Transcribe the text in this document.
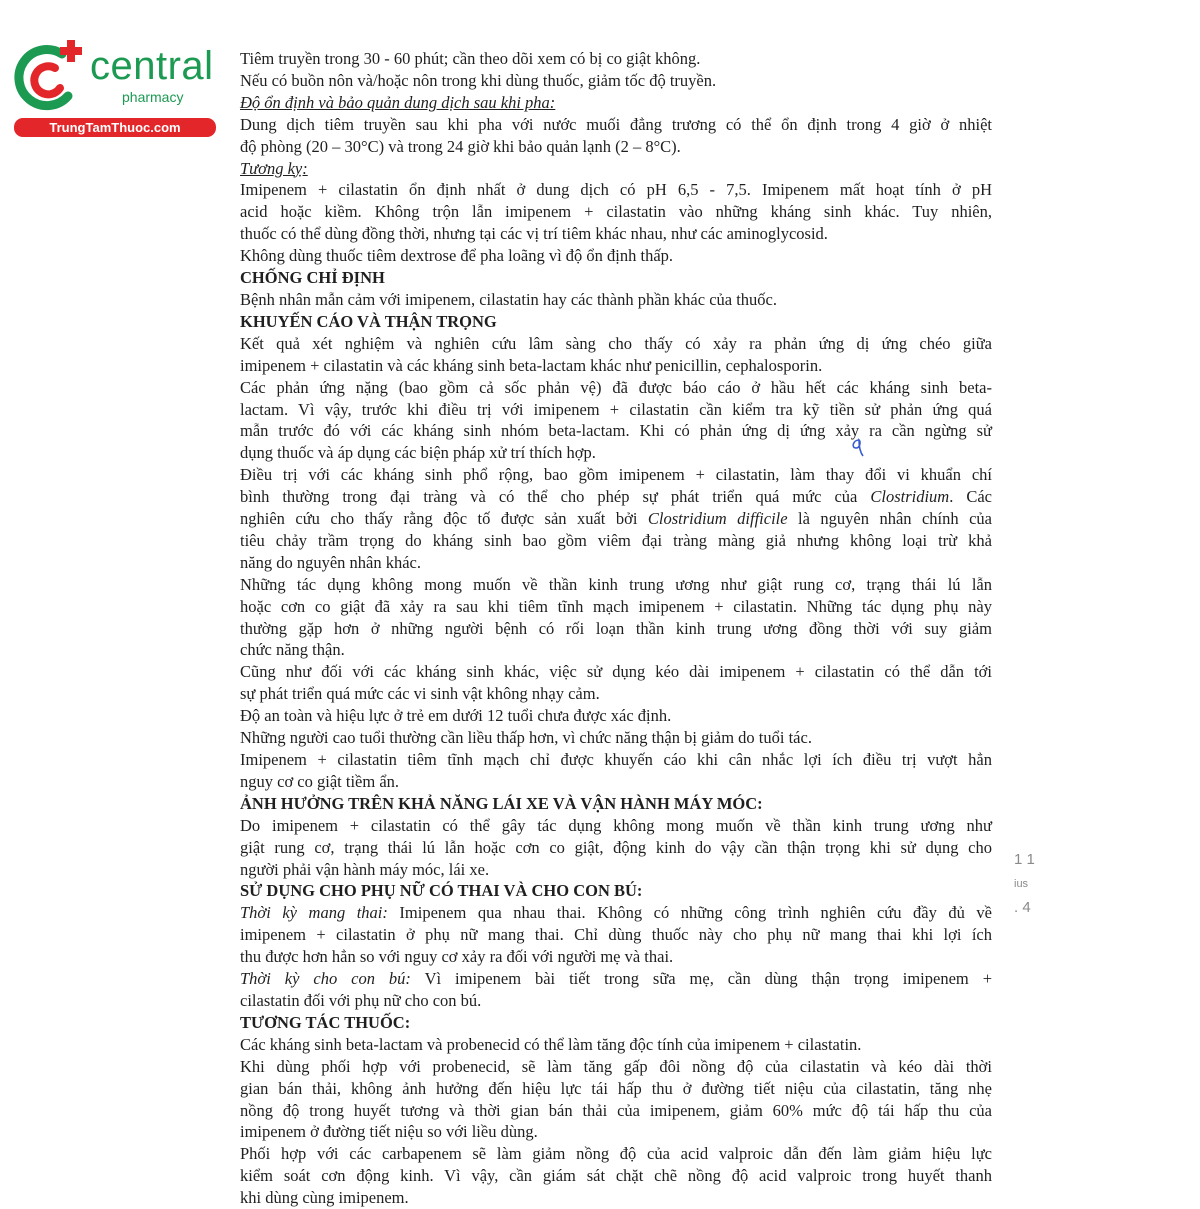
central
pharmacy
TrungTamThuoc.com
Tiêm truyền trong 30 - 60 phút; cần theo dõi xem có bị co giật không.
Nếu có buồn nôn và/hoặc nôn trong khi dùng thuốc, giảm tốc độ truyền.
Độ ổn định và bảo quản dung dịch sau khi pha:
Dung dịch tiêm truyền sau khi pha với nước muối đẳng trương có thể ổn định trong 4 giờ ở nhiệt
độ phòng (20 – 30°C) và trong 24 giờ khi bảo quản lạnh (2 – 8°C).
Tương kỵ:
Imipenem + cilastatin ổn định nhất ở dung dịch có pH 6,5 - 7,5. Imipenem mất hoạt tính ở pH
acid hoặc kiềm. Không trộn lẫn imipenem + cilastatin vào những kháng sinh khác. Tuy nhiên,
thuốc có thể dùng đồng thời, nhưng tại các vị trí tiêm khác nhau, như các aminoglycosid.
Không dùng thuốc tiêm dextrose để pha loãng vì độ ổn định thấp.
CHỐNG CHỈ ĐỊNH
Bệnh nhân mẫn cảm với imipenem, cilastatin hay các thành phần khác của thuốc.
KHUYẾN CÁO VÀ THẬN TRỌNG
Kết quả xét nghiệm và nghiên cứu lâm sàng cho thấy có xảy ra phản ứng dị ứng chéo giữa
imipenem + cilastatin và các kháng sinh beta-lactam khác như penicillin, cephalosporin.
Các phản ứng nặng (bao gồm cả sốc phản vệ) đã được báo cáo ở hầu hết các kháng sinh beta-
lactam. Vì vậy, trước khi điều trị với imipenem + cilastatin cần kiểm tra kỹ tiền sử phản ứng quá
mẫn trước đó với các kháng sinh nhóm beta-lactam. Khi có phản ứng dị ứng xảy ra cần ngừng sử
dụng thuốc và áp dụng các biện pháp xử trí thích hợp.
Điều trị với các kháng sinh phổ rộng, bao gồm imipenem + cilastatin, làm thay đổi vi khuẩn chí
bình thường trong đại tràng và có thể cho phép sự phát triển quá mức của Clostridium. Các
nghiên cứu cho thấy rằng độc tố được sản xuất bởi Clostridium difficile là nguyên nhân chính của
tiêu chảy trầm trọng do kháng sinh bao gồm viêm đại tràng màng giả nhưng không loại trừ khả
năng do nguyên nhân khác.
Những tác dụng không mong muốn về thần kinh trung ương như giật rung cơ, trạng thái lú lẫn
hoặc cơn co giật đã xảy ra sau khi tiêm tĩnh mạch imipenem + cilastatin. Những tác dụng phụ này
thường gặp hơn ở những người bệnh có rối loạn thần kinh trung ương đồng thời với suy giảm
chức năng thận.
Cũng như đối với các kháng sinh khác, việc sử dụng kéo dài imipenem + cilastatin có thể dẫn tới
sự phát triển quá mức các vi sinh vật không nhạy cảm.
Độ an toàn và hiệu lực ở trẻ em dưới 12 tuổi chưa được xác định.
Những người cao tuổi thường cần liều thấp hơn, vì chức năng thận bị giảm do tuổi tác.
Imipenem + cilastatin tiêm tĩnh mạch chỉ được khuyến cáo khi cân nhắc lợi ích điều trị vượt hẳn
nguy cơ co giật tiềm ẩn.
ẢNH HƯỞNG TRÊN KHẢ NĂNG LÁI XE VÀ VẬN HÀNH MÁY MÓC:
Do imipenem + cilastatin có thể gây tác dụng không mong muốn về thần kinh trung ương như
giật rung cơ, trạng thái lú lẫn hoặc cơn co giật, động kinh do vậy cần thận trọng khi sử dụng cho
người phải vận hành máy móc, lái xe.
SỬ DỤNG CHO PHỤ NỮ CÓ THAI VÀ CHO CON BÚ:
Thời kỳ mang thai: Imipenem qua nhau thai. Không có những công trình nghiên cứu đầy đủ về
imipenem + cilastatin ở phụ nữ mang thai. Chỉ dùng thuốc này cho phụ nữ mang thai khi lợi ích
thu được hơn hẳn so với nguy cơ xảy ra đối với người mẹ và thai.
Thời kỳ cho con bú: Vì imipenem bài tiết trong sữa mẹ, cần dùng thận trọng imipenem +
cilastatin đối với phụ nữ cho con bú.
TƯƠNG TÁC THUỐC:
Các kháng sinh beta-lactam và probenecid có thể làm tăng độc tính của imipenem + cilastatin.
Khi dùng phối hợp với probenecid, sẽ làm tăng gấp đôi nồng độ của cilastatin và kéo dài thời
gian bán thải, không ảnh hưởng đến hiệu lực tái hấp thu ở đường tiết niệu của cilastatin, tăng nhẹ
nồng độ trong huyết tương và thời gian bán thải của imipenem, giảm 60% mức độ tái hấp thu của
imipenem ở đường tiết niệu so với liều dùng.
Phối hợp với các carbapenem sẽ làm giảm nồng độ của acid valproic dẫn đến làm giảm hiệu lực
kiểm soát cơn động kinh. Vì vậy, cần giám sát chặt chẽ nồng độ acid valproic trong huyết thanh
khi dùng cùng imipenem.
1 1
ius
. 4
